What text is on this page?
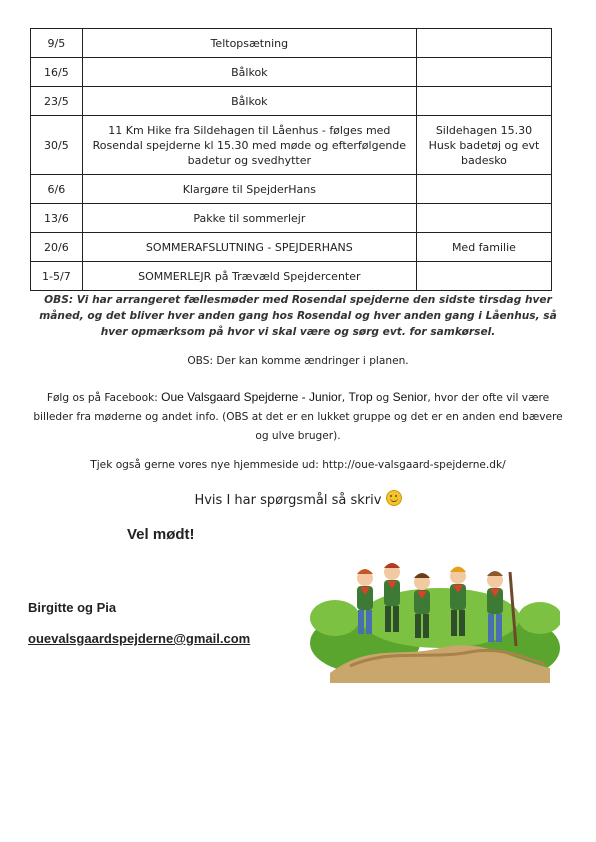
9/5	Teltopsætning	
16/5	Bålkok	
23/5	Bålkok	
30/5	11 Km Hike fra Sildehagen til Låenhus - følges med Rosendal spejderne kl 15.30 med møde og efterfølgende badetur og svedhytter	Sildehagen 15.30 Husk badetøj og evt badesko
6/6	Klargøre til SpejderHans	
13/6	Pakke til sommerlejr	
20/6	SOMMERAFSLUTNING - SPEJDERHANS	Med familie
1-5/7	SOMMERLEJR på Trævæld Spejdercenter	
OBS: Vi har arrangeret fællesmøder med Rosendal spejderne den sidste tirsdag hver måned, og det bliver hver anden gang hos Rosendal og hver anden gang i Låenhus, så hver opmærksom på hvor vi skal være og sørg evt. for samkørsel.
OBS: Der kan komme ændringer i planen.
Følg os på Facebook: Oue Valsgaard Spejderne - Junior, Trop og Senior, hvor der ofte vil være billeder fra møderne og andet info. (OBS at det er en lukket gruppe og det er en anden end bævere og ulve bruger).
Tjek også gerne vores nye hjemmeside ud: http://oue-valsgaard-spejderne.dk/
Hvis I har spørgsmål så skriv
Vel mødt!
Birgitte og Pia
ouevalsgaardspejderne@gmail.com
